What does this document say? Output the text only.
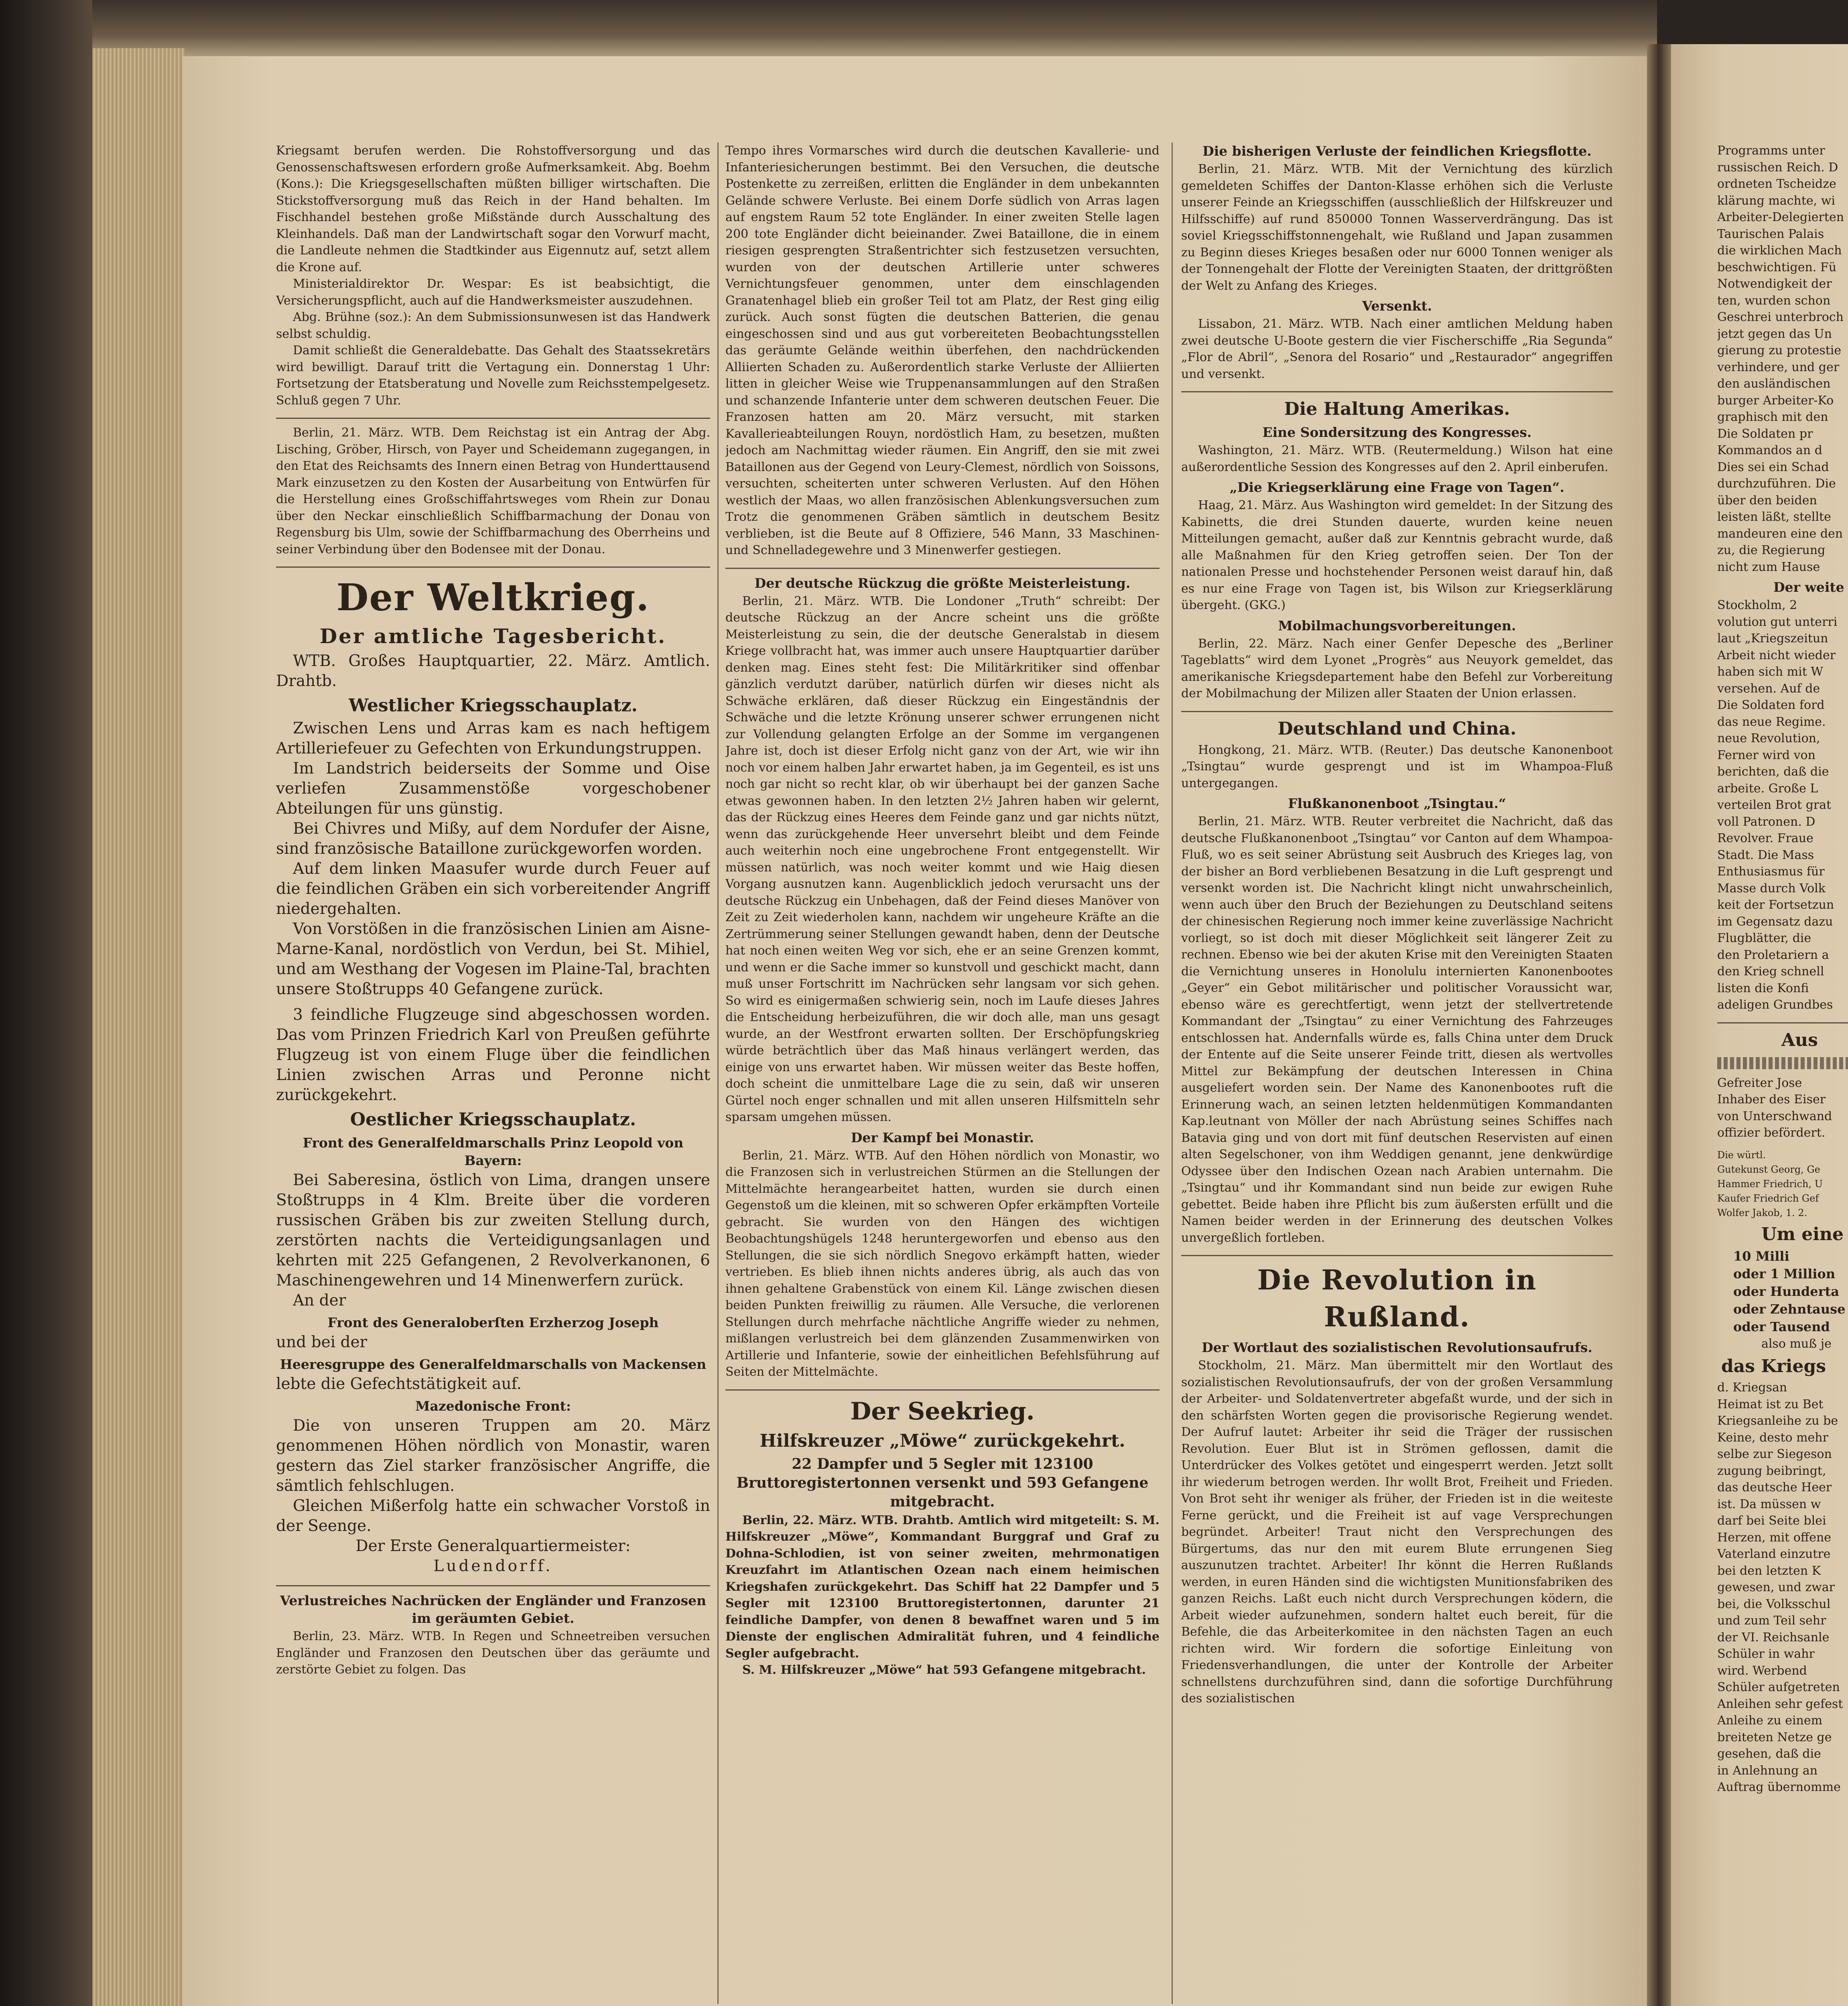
Programms unter
russischen Reich. D
ordneten Tscheidze
klärung machte, wi
Arbeiter-Delegierten
Taurischen Palais
die wirklichen Mach
beschwichtigen. Fü
Notwendigkeit der
ten, wurden schon
Geschrei unterbroch
jetzt gegen das Un
gierung zu protestie
verhindere, und ger
den ausländischen
burger Arbeiter-Ko
graphisch mit den
Die Soldaten pr
Kommandos an d
Dies sei ein Schad
durchzuführen. Die
über den beiden
leisten läßt, stellte
mandeuren eine den
zu, die Regierung
nicht zum Hause

Der weite

Stockholm, 2
volution gut unterri
laut „Kriegszeitun
Arbeit nicht wieder
haben sich mit W
versehen. Auf de
Die Soldaten ford
das neue Regime.
neue Revolution,
Ferner wird von
berichten, daß die
arbeite. Große L
verteilen Brot grat
voll Patronen. D
Revolver. Fraue
Stadt. Die Mass
Enthusiasmus für
Masse durch Volk
keit der Fortsetzun
im Gegensatz dazu
Flugblätter, die
den Proletariern a
den Krieg schnell
listen die Konfi
adeligen Grundbes

Aus

Gefreiter Jose
Inhaber des Eiser
von Unterschwand
offizier befördert.

Die würtl.
Gutekunst Georg, Ge
Hammer Friedrich, U
Kaufer Friedrich Gef
Wolfer Jakob, 1. 2.

Um eine

10 Milli
oder 1 Million
oder Hunderta
oder Zehntause
oder Tausend

also muß je

das Kriegs

d. Kriegsan
Heimat ist zu Bet
Kriegsanleihe zu be
Keine, desto mehr
selbe zur Siegeson
zugung beibringt,
das deutsche Heer
ist. Da müssen w
darf bei Seite blei
Herzen, mit offene
Vaterland einzutre
bei den letzten K
gewesen, und zwar
bei, die Volksschul
und zum Teil sehr
der VI. Reichsanle
Schüler in wahr
wird. Werbend
Schüler aufgetreten
Anleihen sehr gefest
Anleihe zu einem
breiteten Netze ge
gesehen, daß die
in Anlehnung an
Auftrag übernomme

Kriegsamt berufen werden. Die Rohstoffversorgung und das Genossenschaftswesen erfordern große Aufmerksamkeit. Abg. Boehm (Kons.): Die Kriegsgesellschaften müßten billiger wirtschaften. Die Stickstoffversorgung muß das Reich in der Hand behalten. Im Fischhandel bestehen große Mißstände durch Ausschaltung des Kleinhandels. Daß man der Landwirtschaft sogar den Vorwurf macht, die Landleute nehmen die Stadtkinder aus Eigennutz auf, setzt allem die Krone auf.

Ministerialdirektor Dr. Wespar: Es ist beabsichtigt, die Versicherungspflicht, auch auf die Handwerksmeister auszudehnen.

Abg. Brühne (soz.): An dem Submissionsunwesen ist das Handwerk selbst schuldig.

Damit schließt die Generaldebatte. Das Gehalt des Staatssekretärs wird bewilligt. Darauf tritt die Vertagung ein. Donnerstag 1 Uhr: Fortsetzung der Etatsberatung und Novelle zum Reichsstempelgesetz. Schluß gegen 7 Uhr.

Berlin, 21. März. WTB. Dem Reichstag ist ein Antrag der Abg. Lisching, Gröber, Hirsch, von Payer und Scheidemann zugegangen, in den Etat des Reichsamts des Innern einen Betrag von Hunderttausend Mark einzusetzen zu den Kosten der Ausarbeitung von Entwürfen für die Herstellung eines Großschiffahrtsweges vom Rhein zur Donau über den Neckar einschließlich Schiffbarmachung der Donau von Regensburg bis Ulm, sowie der Schiffbarmachung des Oberrheins und seiner Verbindung über den Bodensee mit der Donau.

Der Weltkrieg.
Der amtliche Tagesbericht.

WTB. Großes Hauptquartier, 22. März. Amtlich. Drahtb.

Westlicher Kriegsschauplatz.

Zwischen Lens und Arras kam es nach heftigem Artilleriefeuer zu Gefechten von Erkundungstruppen.

Im Landstrich beiderseits der Somme und Oise verliefen Zusammenstöße vorgeschobener Abteilungen für uns günstig.

Bei Chivres und Mißy, auf dem Nordufer der Aisne, sind französische Bataillone zurückgeworfen worden.

Auf dem linken Maasufer wurde durch Feuer auf die feindlichen Gräben ein sich vorbereitender Angriff niedergehalten.

Von Vorstößen in die französischen Linien am Aisne-Marne-Kanal, nordöstlich von Verdun, bei St. Mihiel, und am Westhang der Vogesen im Plaine-Tal, brachten unsere Stoßtrupps 40 Gefangene zurück.

3 feindliche Flugzeuge sind abgeschossen worden. Das vom Prinzen Friedrich Karl von Preußen geführte Flugzeug ist von einem Fluge über die feindlichen Linien zwischen Arras und Peronne nicht zurückgekehrt.

Oestlicher Kriegsschauplatz.
Front des Generalfeldmarschalls Prinz Leopold von Bayern:

Bei Saberesina, östlich von Lima, drangen unsere Stoßtrupps in 4 Klm. Breite über die vorderen russischen Gräben bis zur zweiten Stellung durch, zerstörten nachts die Verteidigungsanlagen und kehrten mit 225 Gefangenen, 2 Revolverkanonen, 6 Maschinengewehren und 14 Minenwerfern zurück.

An der

Front des Generaloberſten Erzherzog Joseph

und bei der

Heeresgruppe des Generalfeldmarschalls von Mackensen

lebte die Gefechtstätigkeit auf.

Mazedonische Front:

Die von unseren Truppen am 20. März genommenen Höhen nördlich von Monastir, waren gestern das Ziel starker französischer Angriffe, die sämtlich fehlschlugen.

Gleichen Mißerfolg hatte ein schwacher Vorstoß in der Seenge.

Der Erste Generalquartiermeister:

Ludendorff.

Verlustreiches Nachrücken der Engländer und Franzosen im geräumten Gebiet.

Berlin, 23. März. WTB. In Regen und Schneetreiben versuchen Engländer und Franzosen den Deutschen über das geräumte und zerstörte Gebiet zu folgen. Das

Tempo ihres Vormarsches wird durch die deutschen Kavallerie- und Infanteriesicherungen bestimmt. Bei den Versuchen, die deutsche Postenkette zu zerreißen, erlitten die Engländer in dem unbekannten Gelände schwere Verluste. Bei einem Dorfe südlich von Arras lagen auf engstem Raum 52 tote Engländer. In einer zweiten Stelle lagen 200 tote Engländer dicht beieinander. Zwei Bataillone, die in einem riesigen gesprengten Straßentrichter sich festzusetzen versuchten, wurden von der deutschen Artillerie unter schweres Vernichtungsfeuer genommen, unter dem einschlagenden Granatenhagel blieb ein großer Teil tot am Platz, der Rest ging eilig zurück. Auch sonst fügten die deutschen Batterien, die genau eingeschossen sind und aus gut vorbereiteten Beobachtungsstellen das geräumte Gelände weithin überfehen, den nachdrückenden Alliierten Schaden zu. Außerordentlich starke Verluste der Alliierten litten in gleicher Weise wie Truppenansammlungen auf den Straßen und schanzende Infanterie unter dem schweren deutschen Feuer. Die Franzosen hatten am 20. März versucht, mit starken Kavallerieabteilungen Rouyn, nordöstlich Ham, zu besetzen, mußten jedoch am Nachmittag wieder räumen. Ein Angriff, den sie mit zwei Bataillonen aus der Gegend von Leury-Clemest, nördlich von Soissons, versuchten, scheiterten unter schweren Verlusten. Auf den Höhen westlich der Maas, wo allen französischen Ablenkungsversuchen zum Trotz die genommenen Gräben sämtlich in deutschem Besitz verblieben, ist die Beute auf 8 Offiziere, 546 Mann, 33 Maschinen- und Schnelladegewehre und 3 Minenwerfer gestiegen.

Der deutsche Rückzug die größte Meisterleistung.

Berlin, 21. März. WTB. Die Londoner „Truth“ schreibt: Der deutsche Rückzug an der Ancre scheint uns die größte Meisterleistung zu sein, die der deutsche Generalstab in diesem Kriege vollbracht hat, was immer auch unsere Hauptquartier darüber denken mag. Eines steht fest: Die Militärkritiker sind offenbar gänzlich verdutzt darüber, natürlich dürfen wir dieses nicht als Schwäche erklären, daß dieser Rückzug ein Eingeständnis der Schwäche und die letzte Krönung unserer schwer errungenen nicht zur Vollendung gelangten Erfolge an der Somme im vergangenen Jahre ist, doch ist dieser Erfolg nicht ganz von der Art, wie wir ihn noch vor einem halben Jahr erwartet haben, ja im Gegenteil, es ist uns noch gar nicht so recht klar, ob wir überhaupt bei der ganzen Sache etwas gewonnen haben. In den letzten 2½ Jahren haben wir gelernt, das der Rückzug eines Heeres dem Feinde ganz und gar nichts nützt, wenn das zurückgehende Heer unversehrt bleibt und dem Feinde auch weiterhin noch eine ungebrochene Front entgegenstellt. Wir müssen natürlich, was noch weiter kommt und wie Haig diesen Vorgang ausnutzen kann. Augenblicklich jedoch verursacht uns der deutsche Rückzug ein Unbehagen, daß der Feind dieses Manöver von Zeit zu Zeit wiederholen kann, nachdem wir ungeheure Kräfte an die Zertrümmerung seiner Stellungen gewandt haben, denn der Deutsche hat noch einen weiten Weg vor sich, ehe er an seine Grenzen kommt, und wenn er die Sache immer so kunstvoll und geschickt macht, dann muß unser Fortschritt im Nachrücken sehr langsam vor sich gehen. So wird es einigermaßen schwierig sein, noch im Laufe dieses Jahres die Entscheidung herbeizuführen, die wir doch alle, man uns gesagt wurde, an der Westfront erwarten sollten. Der Erschöpfungskrieg würde beträchtlich über das Maß hinaus verlängert werden, das einige von uns erwartet haben. Wir müssen weiter das Beste hoffen, doch scheint die unmittelbare Lage die zu sein, daß wir unseren Gürtel noch enger schnallen und mit allen unseren Hilfsmitteln sehr sparsam umgehen müssen.

Der Kampf bei Monastir.

Berlin, 21. März. WTB. Auf den Höhen nördlich von Monastir, wo die Franzosen sich in verlustreichen Stürmen an die Stellungen der Mittelmächte herangearbeitet hatten, wurden sie durch einen Gegenstoß um die kleinen, mit so schweren Opfer erkämpften Vorteile gebracht. Sie wurden von den Hängen des wichtigen Beobachtungshügels 1248 heruntergeworfen und ebenso aus den Stellungen, die sie sich nördlich Snegovo erkämpft hatten, wieder vertrieben. Es blieb ihnen nichts anderes übrig, als auch das von ihnen gehaltene Grabenstück von einem Kil. Länge zwischen diesen beiden Punkten freiwillig zu räumen. Alle Versuche, die verlorenen Stellungen durch mehrfache nächtliche Angriffe wieder zu nehmen, mißlangen verlustreich bei dem glänzenden Zusammenwirken von Artillerie und Infanterie, sowie der einheitlichen Befehlsführung auf Seiten der Mittelmächte.

Der Seekrieg.
Hilfskreuzer „Möwe“ zurückgekehrt.
22 Dampfer und 5 Segler mit 123100 Bruttoregistertonnen versenkt und 593 Gefangene mitgebracht.

Berlin, 22. März. WTB. Drahtb. Amtlich wird mitgeteilt: S. M. Hilfskreuzer „Möwe“, Kommandant Burggraf und Graf zu Dohna-Schlodien, ist von seiner zweiten, mehrmonatigen Kreuzfahrt im Atlantischen Ozean nach einem heimischen Kriegshafen zurückgekehrt. Das Schiff hat 22 Dampfer und 5 Segler mit 123100 Bruttoregistertonnen, darunter 21 feindliche Dampfer, von denen 8 bewaffnet waren und 5 im Dienste der englischen Admiralität fuhren, und 4 feindliche Segler aufgebracht.

S. M. Hilfskreuzer „Möwe“ hat 593 Gefangene mitgebracht.

Die bisherigen Verluste der feindlichen Kriegsflotte.

Berlin, 21. März. WTB. Mit der Vernichtung des kürzlich gemeldeten Schiffes der Danton-Klasse erhöhen sich die Verluste unserer Feinde an Kriegsschiffen (ausschließlich der Hilfskreuzer und Hilfsschiffe) auf rund 850000 Tonnen Wasserverdrängung. Das ist soviel Kriegsschiffstonnengehalt, wie Rußland und Japan zusammen zu Beginn dieses Krieges besaßen oder nur 6000 Tonnen weniger als der Tonnengehalt der Flotte der Vereinigten Staaten, der drittgrößten der Welt zu Anfang des Krieges.

Versenkt.

Lissabon, 21. März. WTB. Nach einer amtlichen Meldung haben zwei deutsche U-Boote gestern die vier Fischerschiffe „Ria Segunda“ „Flor de Abril“, „Senora del Rosario“ und „Restaurador“ angegriffen und versenkt.

Die Haltung Amerikas.
Eine Sondersitzung des Kongresses.

Washington, 21. März. WTB. (Reutermeldung.) Wilson hat eine außerordentliche Session des Kongresses auf den 2. April einberufen.

„Die Kriegserklärung eine Frage von Tagen“.

Haag, 21. März. Aus Washington wird gemeldet: In der Sitzung des Kabinetts, die drei Stunden dauerte, wurden keine neuen Mitteilungen gemacht, außer daß zur Kenntnis gebracht wurde, daß alle Maßnahmen für den Krieg getroffen seien. Der Ton der nationalen Presse und hochstehender Personen weist darauf hin, daß es nur eine Frage von Tagen ist, bis Wilson zur Kriegserklärung übergeht. (GKG.)

Mobilmachungsvorbereitungen.

Berlin, 22. März. Nach einer Genfer Depesche des „Berliner Tageblatts“ wird dem Lyonet „Progrès“ aus Neuyork gemeldet, das amerikanische Kriegsdepartement habe den Befehl zur Vorbereitung der Mobilmachung der Milizen aller Staaten der Union erlassen.

Deutschland und China.

Hongkong, 21. März. WTB. (Reuter.) Das deutsche Kanonenboot „Tsingtau“ wurde gesprengt und ist im Whampoa-Fluß untergegangen.

Flußkanonenboot „Tsingtau.“

Berlin, 21. März. WTB. Reuter verbreitet die Nachricht, daß das deutsche Flußkanonenboot „Tsingtau“ vor Canton auf dem Whampoa-Fluß, wo es seit seiner Abrüstung seit Ausbruch des Krieges lag, von der bisher an Bord verbliebenen Besatzung in die Luft gesprengt und versenkt worden ist. Die Nachricht klingt nicht unwahrscheinlich, wenn auch über den Bruch der Beziehungen zu Deutschland seitens der chinesischen Regierung noch immer keine zuverlässige Nachricht vorliegt, so ist doch mit dieser Möglichkeit seit längerer Zeit zu rechnen. Ebenso wie bei der akuten Krise mit den Vereinigten Staaten die Vernichtung unseres in Honolulu internierten Kanonenbootes „Geyer“ ein Gebot militärischer und politischer Voraussicht war, ebenso wäre es gerechtfertigt, wenn jetzt der stellvertretende Kommandant der „Tsingtau“ zu einer Vernichtung des Fahrzeuges entschlossen hat. Andernfalls würde es, falls China unter dem Druck der Entente auf die Seite unserer Feinde tritt, diesen als wertvolles Mittel zur Bekämpfung der deutschen Interessen in China ausgeliefert worden sein. Der Name des Kanonenbootes ruft die Erinnerung wach, an seinen letzten heldenmütigen Kommandanten Kap.leutnant von Möller der nach Abrüstung seines Schiffes nach Batavia ging und von dort mit fünf deutschen Reservisten auf einen alten Segelschoner, von ihm Weddigen genannt, jene denkwürdige Odyssee über den Indischen Ozean nach Arabien unternahm. Die „Tsingtau“ und ihr Kommandant sind nun beide zur ewigen Ruhe gebettet. Beide haben ihre Pflicht bis zum äußersten erfüllt und die Namen beider werden in der Erinnerung des deutschen Volkes unvergeßlich fortleben.

Die Revolution in Rußland.
Der Wortlaut des sozialistischen Revolutionsaufrufs.

Stockholm, 21. März. Man übermittelt mir den Wortlaut des sozialistischen Revolutionsaufrufs, der von der großen Versammlung der Arbeiter- und Soldatenvertreter abgefaßt wurde, und der sich in den schärfsten Worten gegen die provisorische Regierung wendet. Der Aufruf lautet: Arbeiter ihr seid die Träger der russischen Revolution. Euer Blut ist in Strömen geflossen, damit die Unterdrücker des Volkes getötet und eingesperrt werden. Jetzt sollt ihr wiederum betrogen werden. Ihr wollt Brot, Freiheit und Frieden. Von Brot seht ihr weniger als früher, der Frieden ist in die weiteste Ferne gerückt, und die Freiheit ist auf vage Versprechungen begründet. Arbeiter! Traut nicht den Versprechungen des Bürgertums, das nur den mit eurem Blute errungenen Sieg auszunutzen trachtet. Arbeiter! Ihr könnt die Herren Rußlands werden, in euren Händen sind die wichtigsten Munitionsfabriken des ganzen Reichs. Laßt euch nicht durch Versprechungen ködern, die Arbeit wieder aufzunehmen, sondern haltet euch bereit, für die Befehle, die das Arbeiterkomitee in den nächsten Tagen an euch richten wird. Wir fordern die sofortige Einleitung von Friedensverhandlungen, die unter der Kontrolle der Arbeiter schnellstens durchzuführen sind, dann die sofortige Durchführung des sozialistischen
